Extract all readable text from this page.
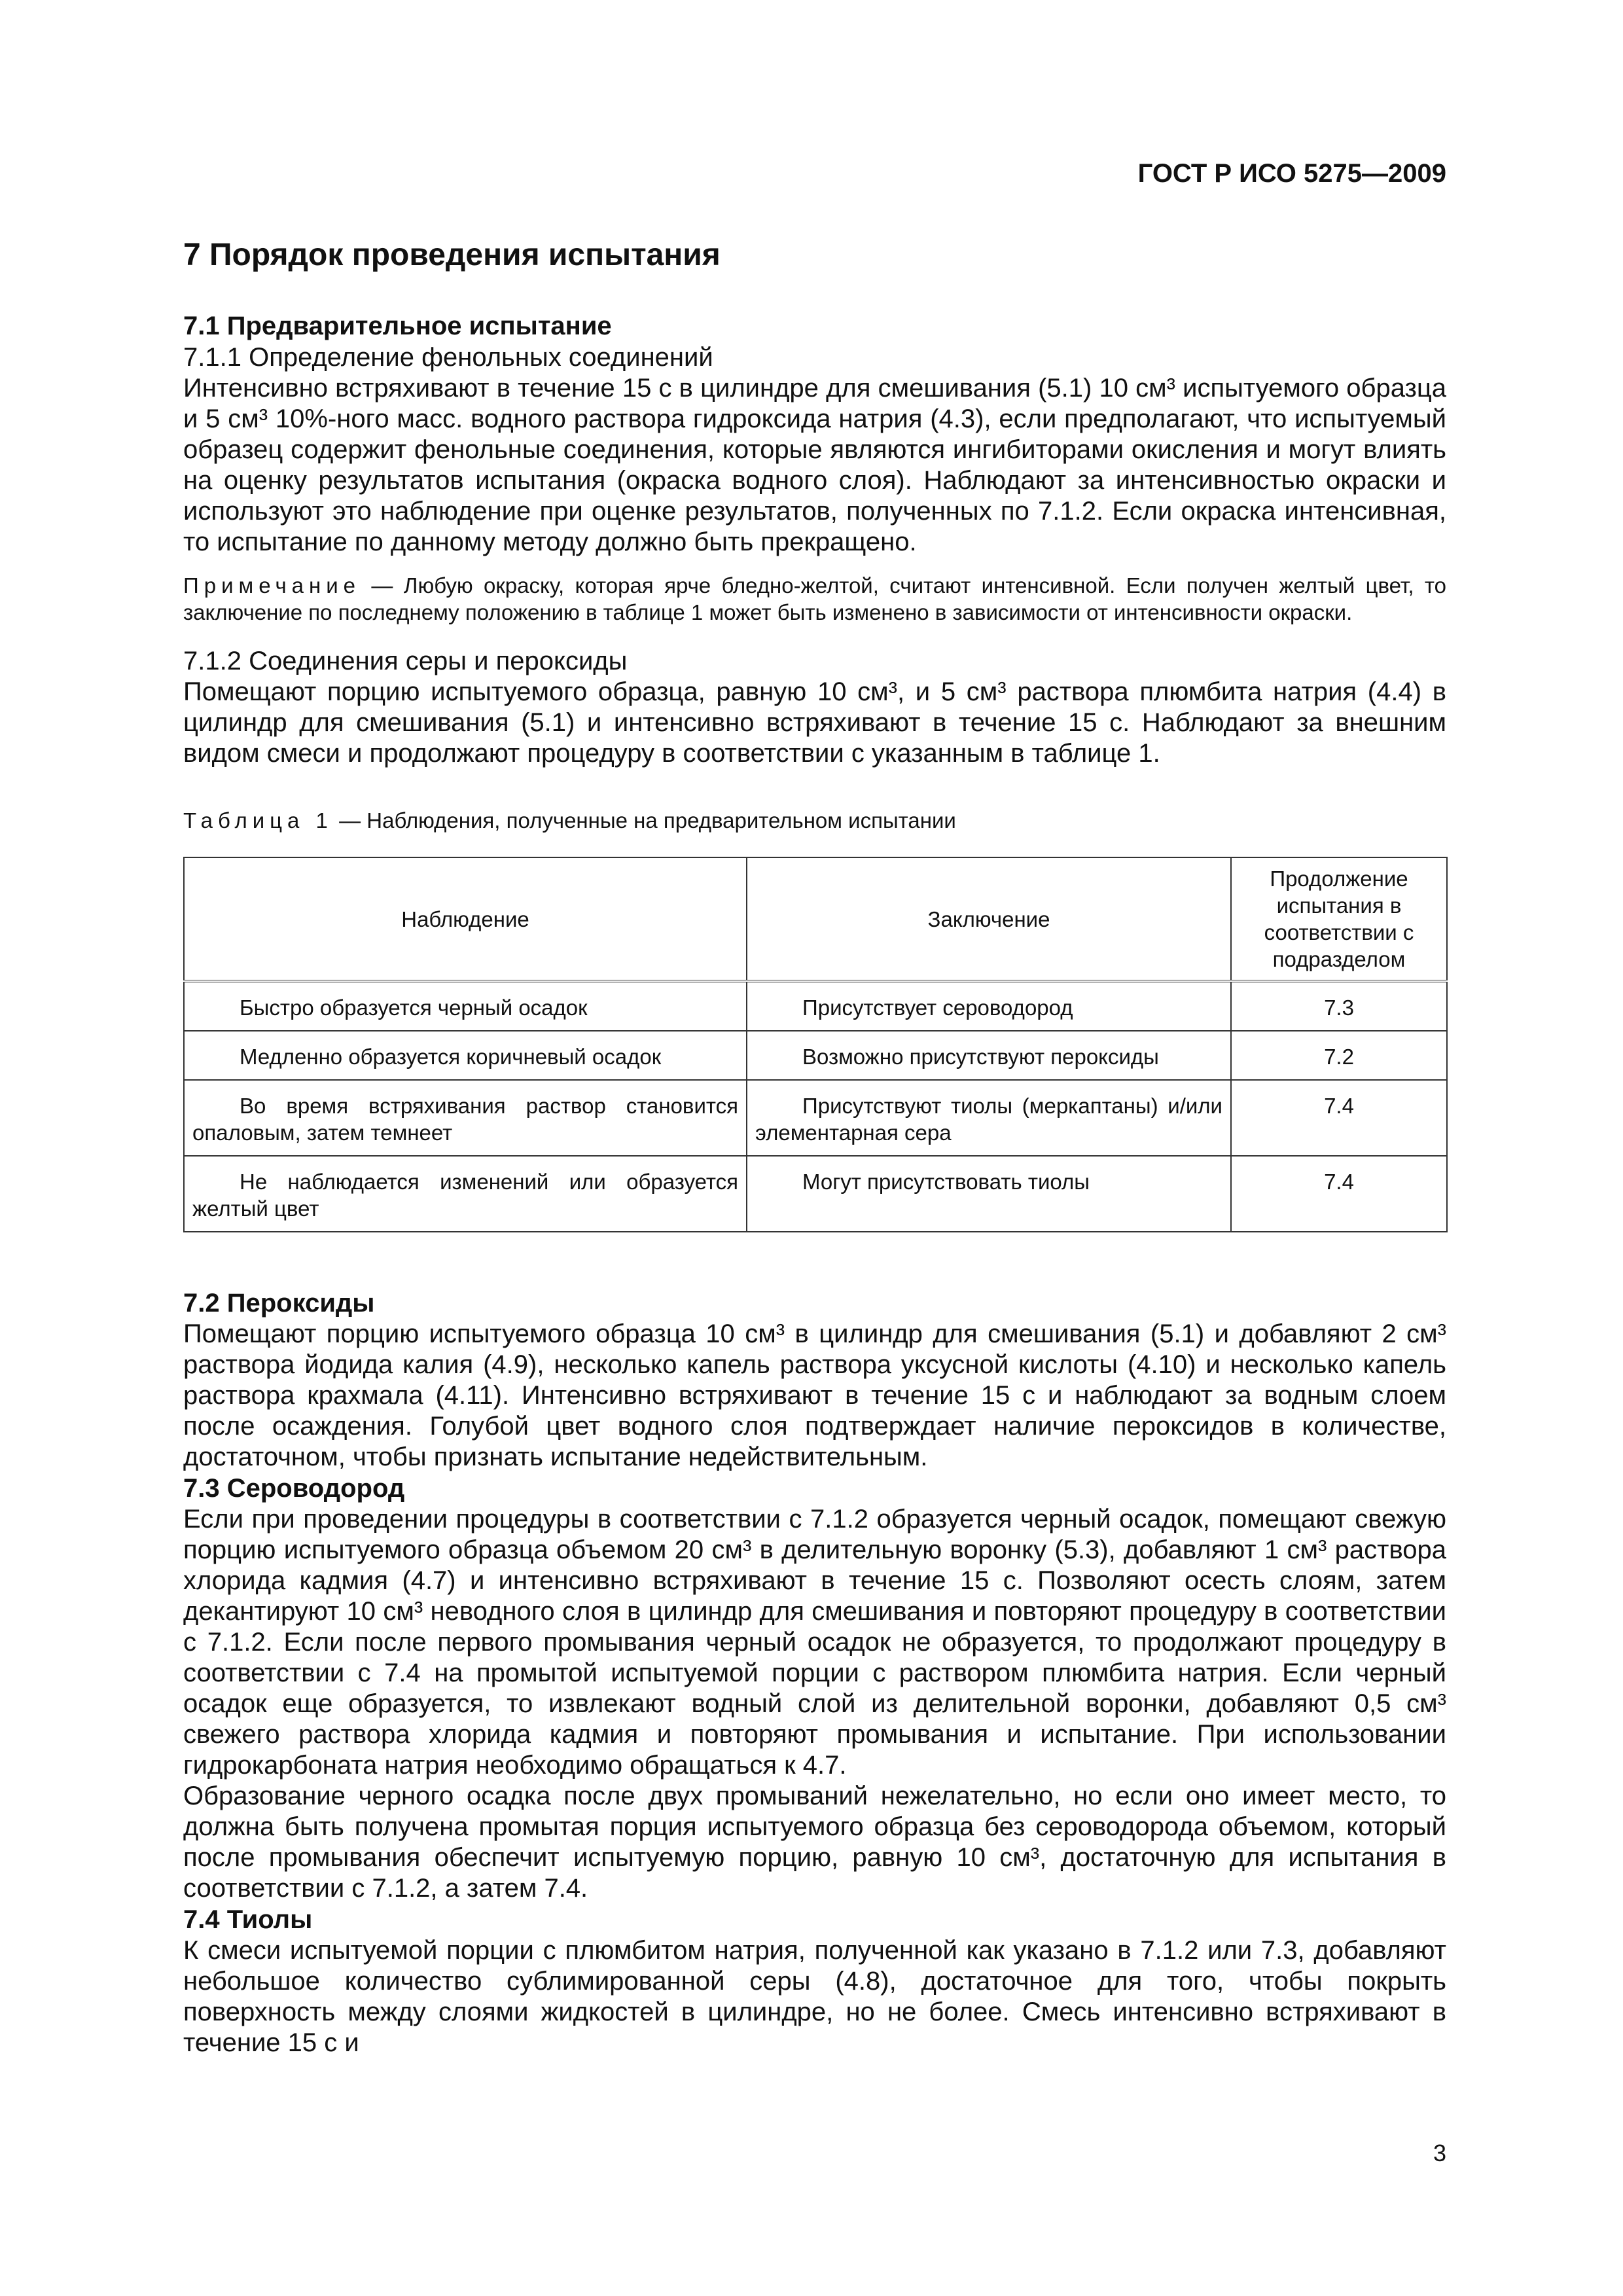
ГОСТ Р ИСО 5275—2009
7 Порядок проведения испытания
7.1 Предварительное испытание
7.1.1 Определение фенольных соединений

Интенсивно встряхивают в течение 15 с в цилиндре для смешивания (5.1) 10 см³ испытуемого образца и 5 см³ 10%-ного масс. водного раствора гидроксида натрия (4.3), если предполагают, что испытуемый образец содержит фенольные соединения, которые являются ингибиторами окисления и могут влиять на оценку результатов испытания (окраска водного слоя). Наблюдают за интенсивностью окраски и используют это наблюдение при оценке результатов, полученных по 7.1.2. Если окраска интенсивная, то испытание по данному методу должно быть прекращено.

Примечание — Любую окраску, которая ярче бледно-желтой, считают интенсивной. Если получен желтый цвет, то заключение по последнему положению в таблице 1 может быть изменено в зависимости от интенсивности окраски.

7.1.2 Соединения серы и пероксиды

Помещают порцию испытуемого образца, равную 10 см³, и 5 см³ раствора плюмбита натрия (4.4) в цилиндр для смешивания (5.1) и интенсивно встряхивают в течение 15 с. Наблюдают за внешним видом смеси и продолжают процедуру в соответствии с указанным в таблице 1.

Таблица 1 — Наблюдения, полученные на предварительном испытании
Наблюдение	Заключение	Продолжение испытания в соответствии с подразделом
Быстро образуется черный осадок	Присутствует сероводород	7.3
Медленно образуется коричневый осадок	Возможно присутствуют пероксиды	7.2
Во время встряхивания раствор становится опаловым, затем темнеет	Присутствуют тиолы (меркаптаны) и/или элементарная сера	7.4
Не наблюдается изменений или образуется желтый цвет	Могут присутствовать тиолы	7.4
7.2 Пероксиды

Помещают порцию испытуемого образца 10 см³ в цилиндр для смешивания (5.1) и добавляют 2 см³ раствора йодида калия (4.9), несколько капель раствора уксусной кислоты (4.10) и несколько капель раствора крахмала (4.11). Интенсивно встряхивают в течение 15 с и наблюдают за водным слоем после осаждения. Голубой цвет водного слоя подтверждает наличие пероксидов в количестве, достаточном, чтобы признать испытание недействительным.

7.3 Сероводород

Если при проведении процедуры в соответствии с 7.1.2 образуется черный осадок, помещают свежую порцию испытуемого образца объемом 20 см³ в делительную воронку (5.3), добавляют 1 см³ раствора хлорида кадмия (4.7) и интенсивно встряхивают в течение 15 с. Позволяют осесть слоям, затем декантируют 10 см³ неводного слоя в цилиндр для смешивания и повторяют процедуру в соответствии с 7.1.2. Если после первого промывания черный осадок не образуется, то продолжают процедуру в соответствии с 7.4 на промытой испытуемой порции с раствором плюмбита натрия. Если черный осадок еще образуется, то извлекают водный слой из делительной воронки, добавляют 0,5 см³ свежего раствора хлорида кадмия и повторяют промывания и испытание. При использовании гидрокарбоната натрия необходимо обращаться к 4.7.

Образование черного осадка после двух промываний нежелательно, но если оно имеет место, то должна быть получена промытая порция испытуемого образца без сероводорода объемом, который после промывания обеспечит испытуемую порцию, равную 10 см³, достаточную для испытания в соответствии с 7.1.2, а затем 7.4.

7.4 Тиолы

К смеси испытуемой порции с плюмбитом натрия, полученной как указано в 7.1.2 или 7.3, добавляют небольшое количество сублимированной серы (4.8), достаточное для того, чтобы покрыть поверхность между слоями жидкостей в цилиндре, но не более. Смесь интенсивно встряхивают в течение 15 с и

3
